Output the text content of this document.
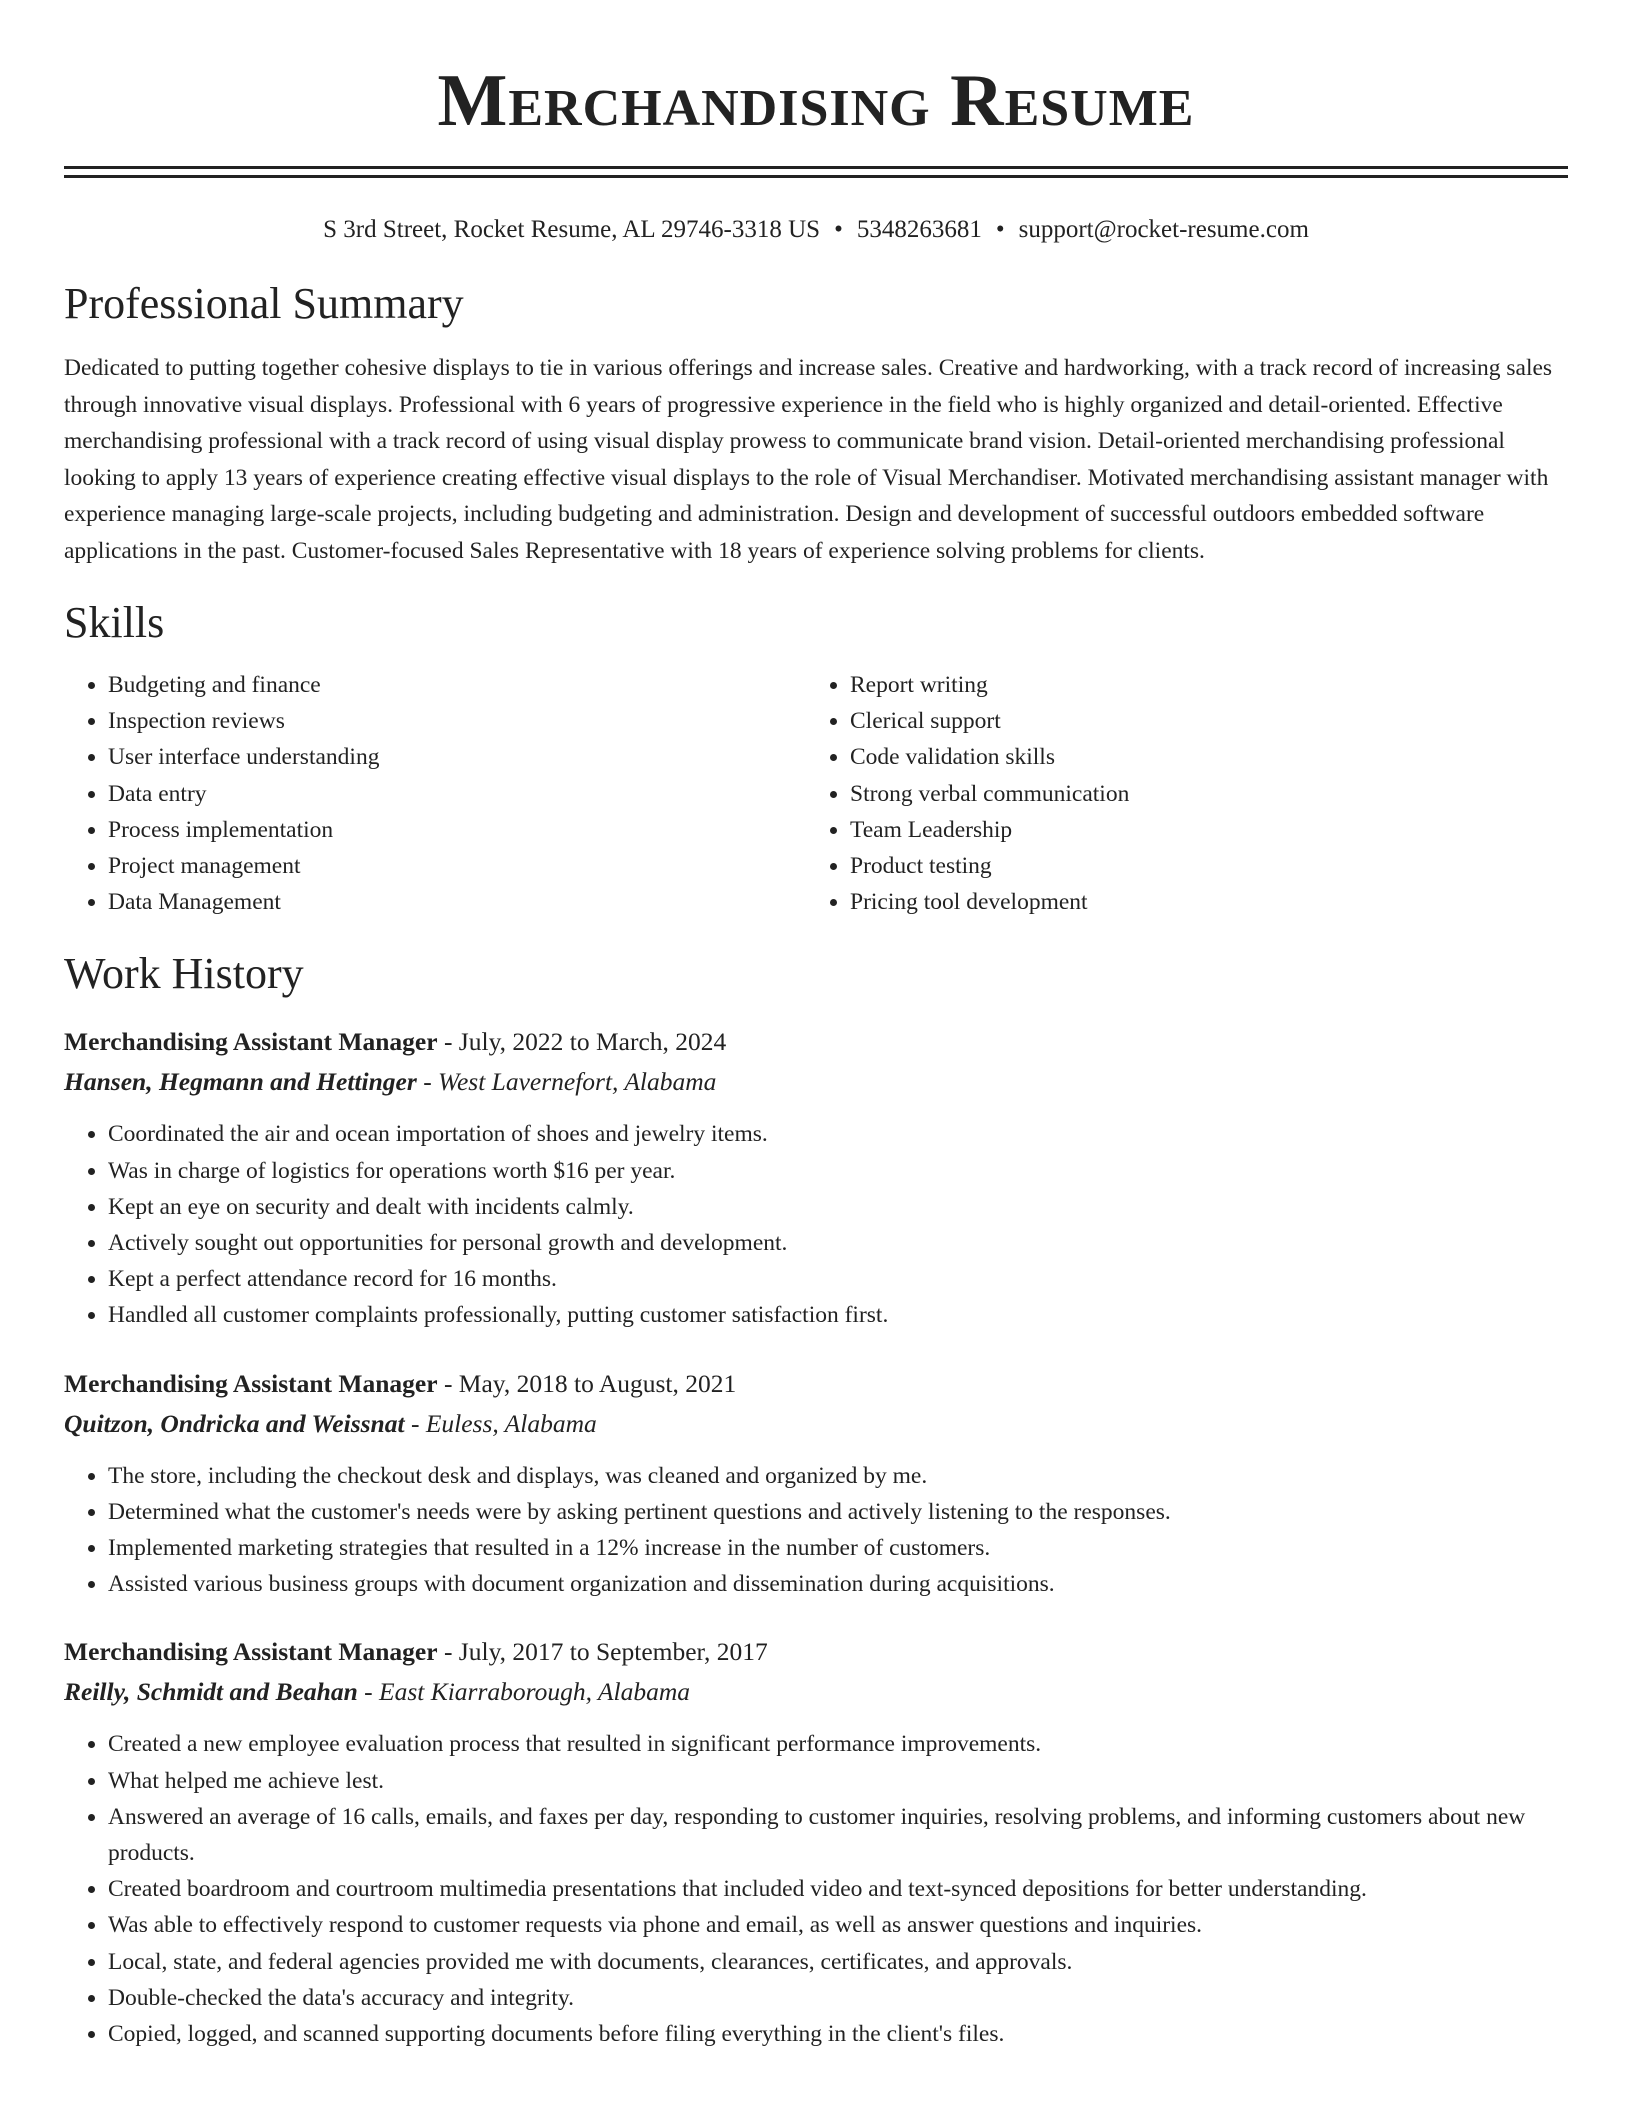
Merchandising Resume
S 3rd Street, Rocket Resume, AL 29746-3318 US • 5348263681 • support@rocket-resume.com
Professional Summary

Dedicated to putting together cohesive displays to tie in various offerings and increase sales. Creative and hardworking, with a track record of increasing sales through innovative visual displays. Professional with 6 years of progressive experience in the field who is highly organized and detail-oriented. Effective merchandising professional with a track record of using visual display prowess to communicate brand vision. Detail-oriented merchandising professional looking to apply 13 years of experience creating effective visual displays to the role of Visual Merchandiser. Motivated merchandising assistant manager with experience managing large-scale projects, including budgeting and administration. Design and development of successful outdoors embedded software applications in the past. Customer-focused Sales Representative with 18 years of experience solving problems for clients.

Skills
• Budgeting and finance
• Inspection reviews
• User interface understanding
• Data entry
• Process implementation
• Project management
• Data Management
• Report writing
• Clerical support
• Code validation skills
• Strong verbal communication
• Team Leadership
• Product testing
• Pricing tool development
Work History
Merchandising Assistant Manager - July, 2022 to March, 2024
Hansen, Hegmann and Hettinger - West Lavernefort, Alabama
• Coordinated the air and ocean importation of shoes and jewelry items.
• Was in charge of logistics for operations worth $16 per year.
• Kept an eye on security and dealt with incidents calmly.
• Actively sought out opportunities for personal growth and development.
• Kept a perfect attendance record for 16 months.
• Handled all customer complaints professionally, putting customer satisfaction first.
Merchandising Assistant Manager - May, 2018 to August, 2021
Quitzon, Ondricka and Weissnat - Euless, Alabama
• The store, including the checkout desk and displays, was cleaned and organized by me.
• Determined what the customer's needs were by asking pertinent questions and actively listening to the responses.
• Implemented marketing strategies that resulted in a 12% increase in the number of customers.
• Assisted various business groups with document organization and dissemination during acquisitions.
Merchandising Assistant Manager - July, 2017 to September, 2017
Reilly, Schmidt and Beahan - East Kiarraborough, Alabama
• Created a new employee evaluation process that resulted in significant performance improvements.
• What helped me achieve lest.
• Answered an average of 16 calls, emails, and faxes per day, responding to customer inquiries, resolving problems, and informing customers about new products.
• Created boardroom and courtroom multimedia presentations that included video and text-synced depositions for better understanding.
• Was able to effectively respond to customer requests via phone and email, as well as answer questions and inquiries.
• Local, state, and federal agencies provided me with documents, clearances, certificates, and approvals.
• Double-checked the data's accuracy and integrity.
• Copied, logged, and scanned supporting documents before filing everything in the client's files.
